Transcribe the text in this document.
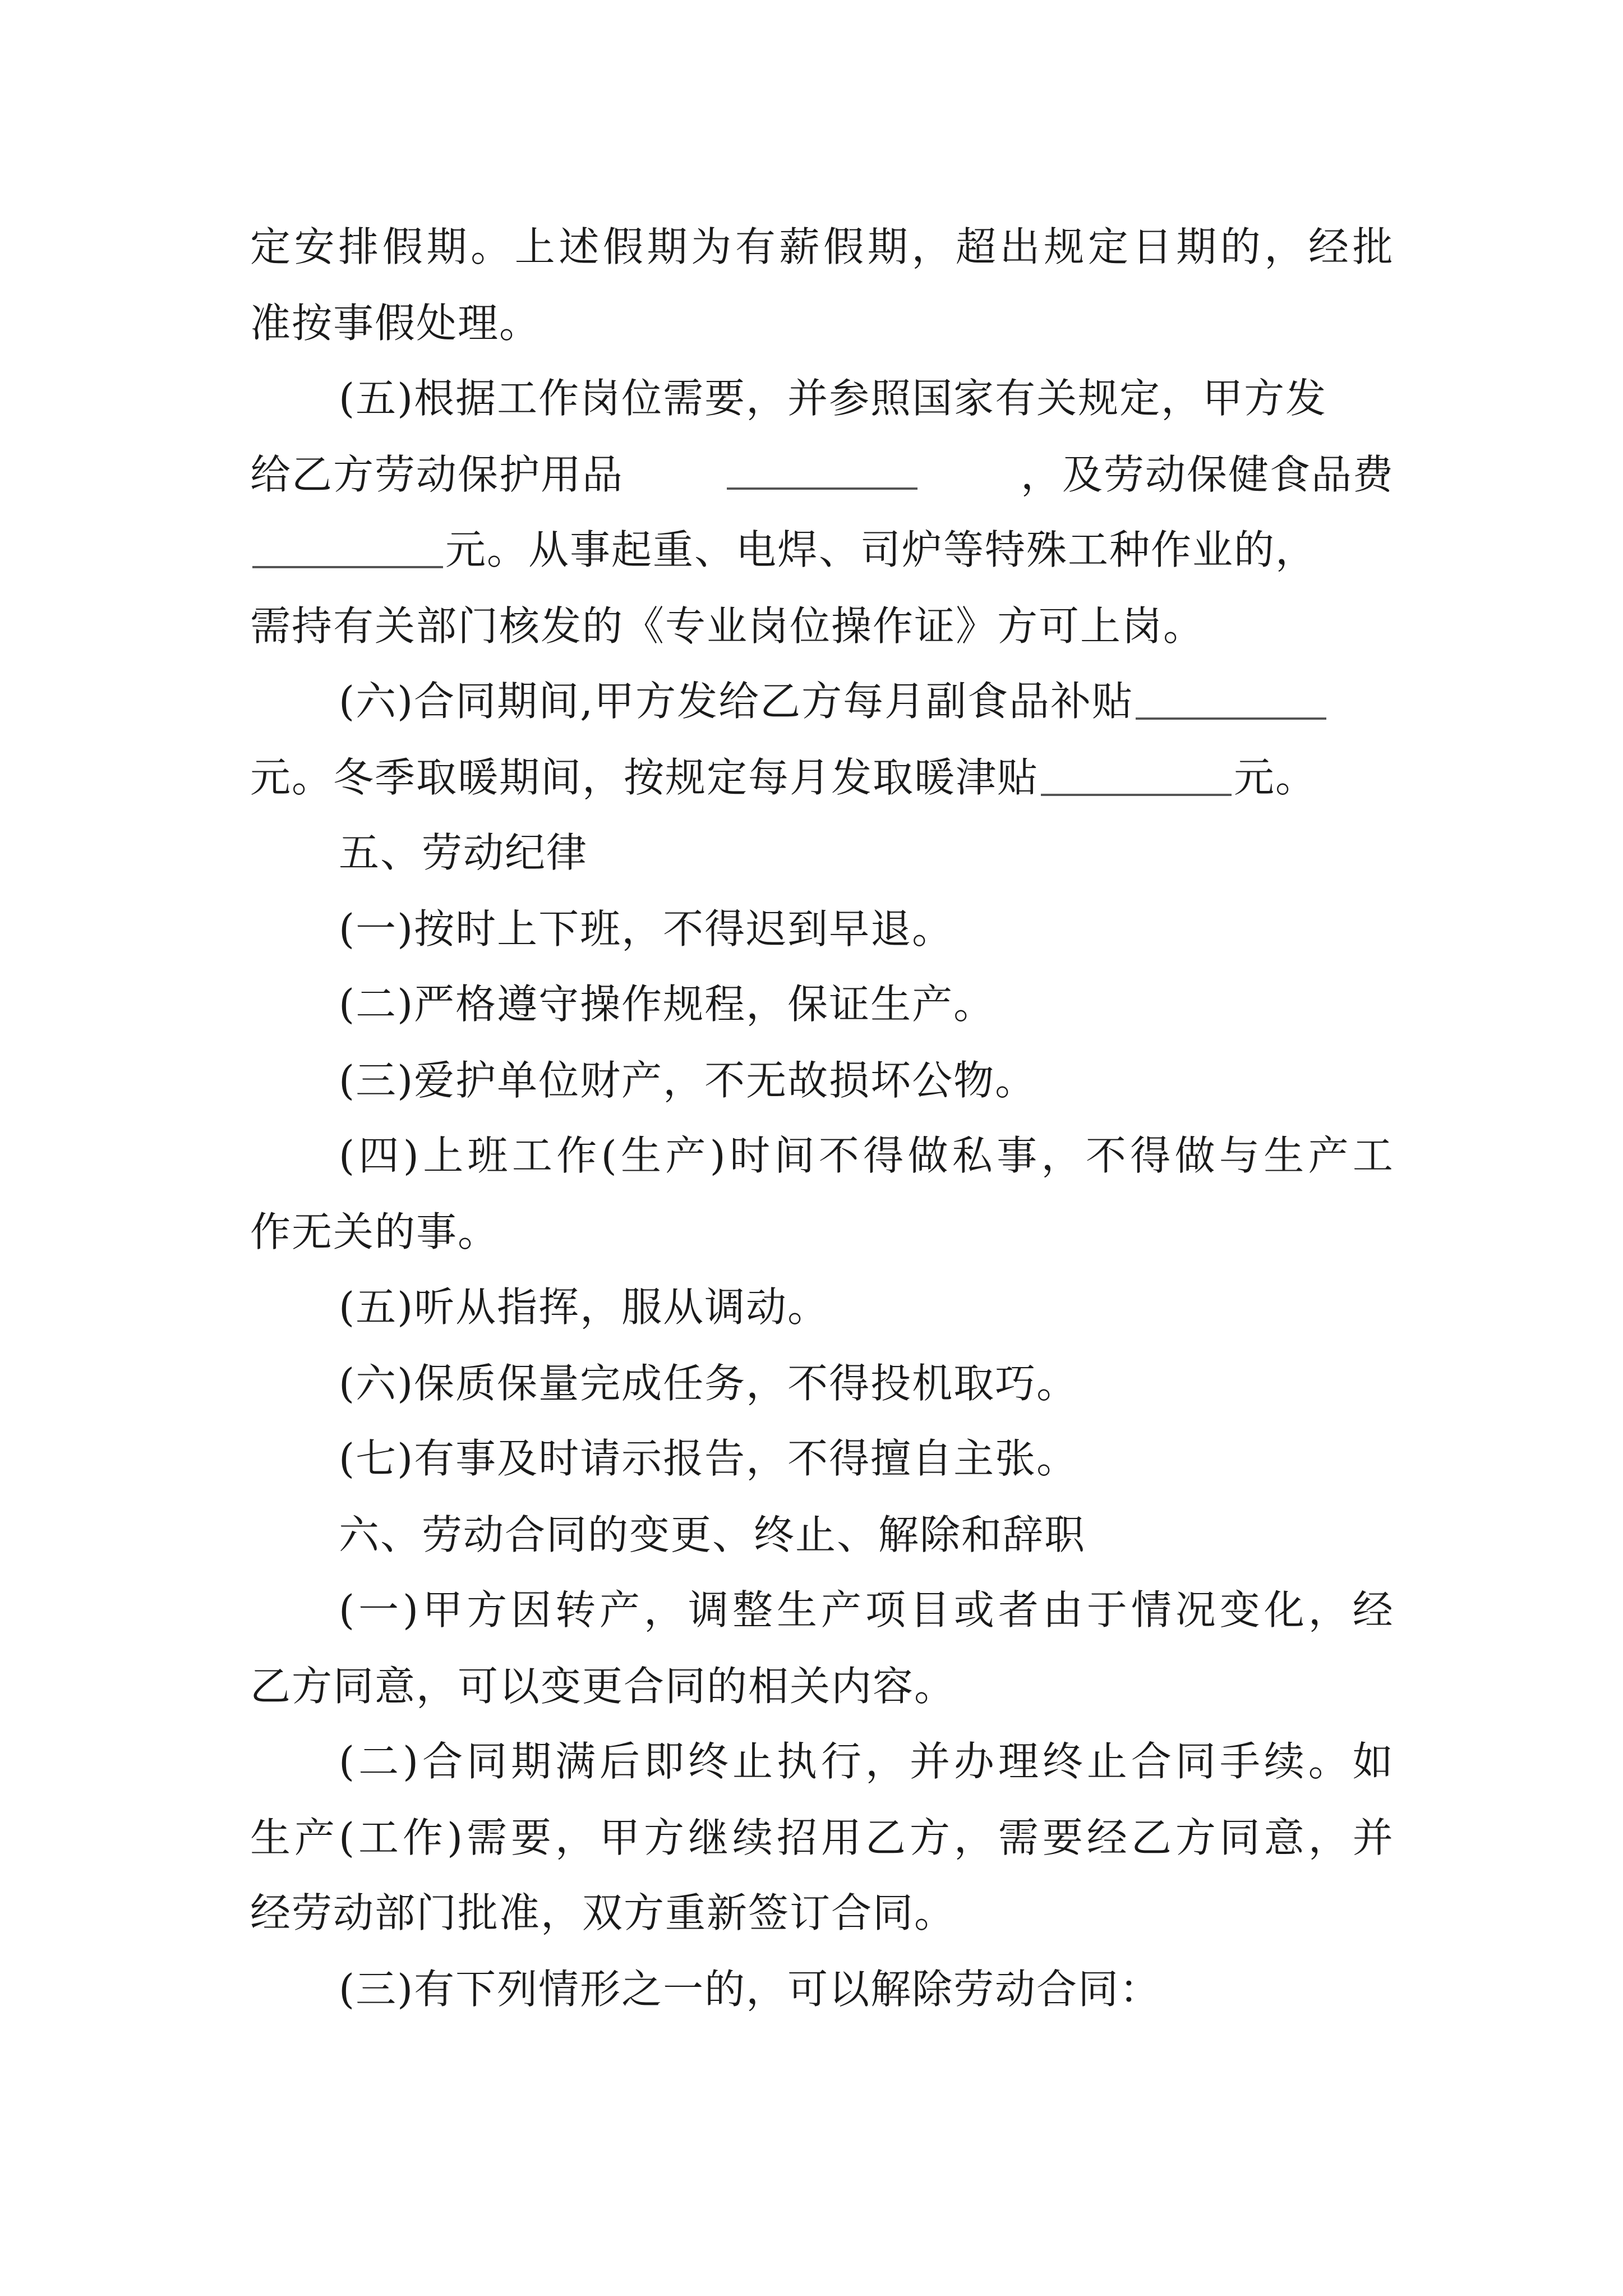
定 安 排 假 期 。 上 述 假 期 为 有 薪 假 期 ， 超 出 规 定 日 期 的 ， 经 批
准按事假处理。
(五)根据工作岗位需要，并参照国家有关规定，甲方发
给乙方劳动保护用品	，及劳动保健食品费
元。从事起重、电焊、司炉等特殊工种作业的，
需持有关部门核发的《专业岗位操作证》方可上岗。
(六)合同期间,甲方发给乙方每月副食品补贴
元。冬季取暖期间，按规定每月发取暖津贴	元。
五、劳动纪律
(一)按时上下班，不得迟到早退。
(二)严格遵守操作规程，保证生产。
(三)爱护单位财产，不无故损坏公物。
( 四 ) 上 班 工 作 ( 生 产 ) 时 间 不 得 做 私 事 ， 不 得 做 与 生 产 工
作无关的事。
(五)听从指挥，服从调动。
(六)保质保量完成任务，不得投机取巧。
(七)有事及时请示报告，不得擅自主张。
六、劳动合同的变更、终止、解除和辞职
( 一 ) 甲 方 因 转 产 ， 调 整 生 产 项 目 或 者 由 于 情 况 变 化 ， 经
乙方同意，可以变更合同的相关内容。
( 二 ) 合 同 期 满 后 即 终 止 执 行 ， 并 办 理 终 止 合 同 手 续 。 如
生 产 ( 工 作 ) 需 要 ， 甲 方 继 续 招 用 乙 方 ， 需 要 经 乙 方 同 意 ， 并
经劳动部门批准，双方重新签订合同。
(三)有下列情形之一的，可以解除劳动合同：
